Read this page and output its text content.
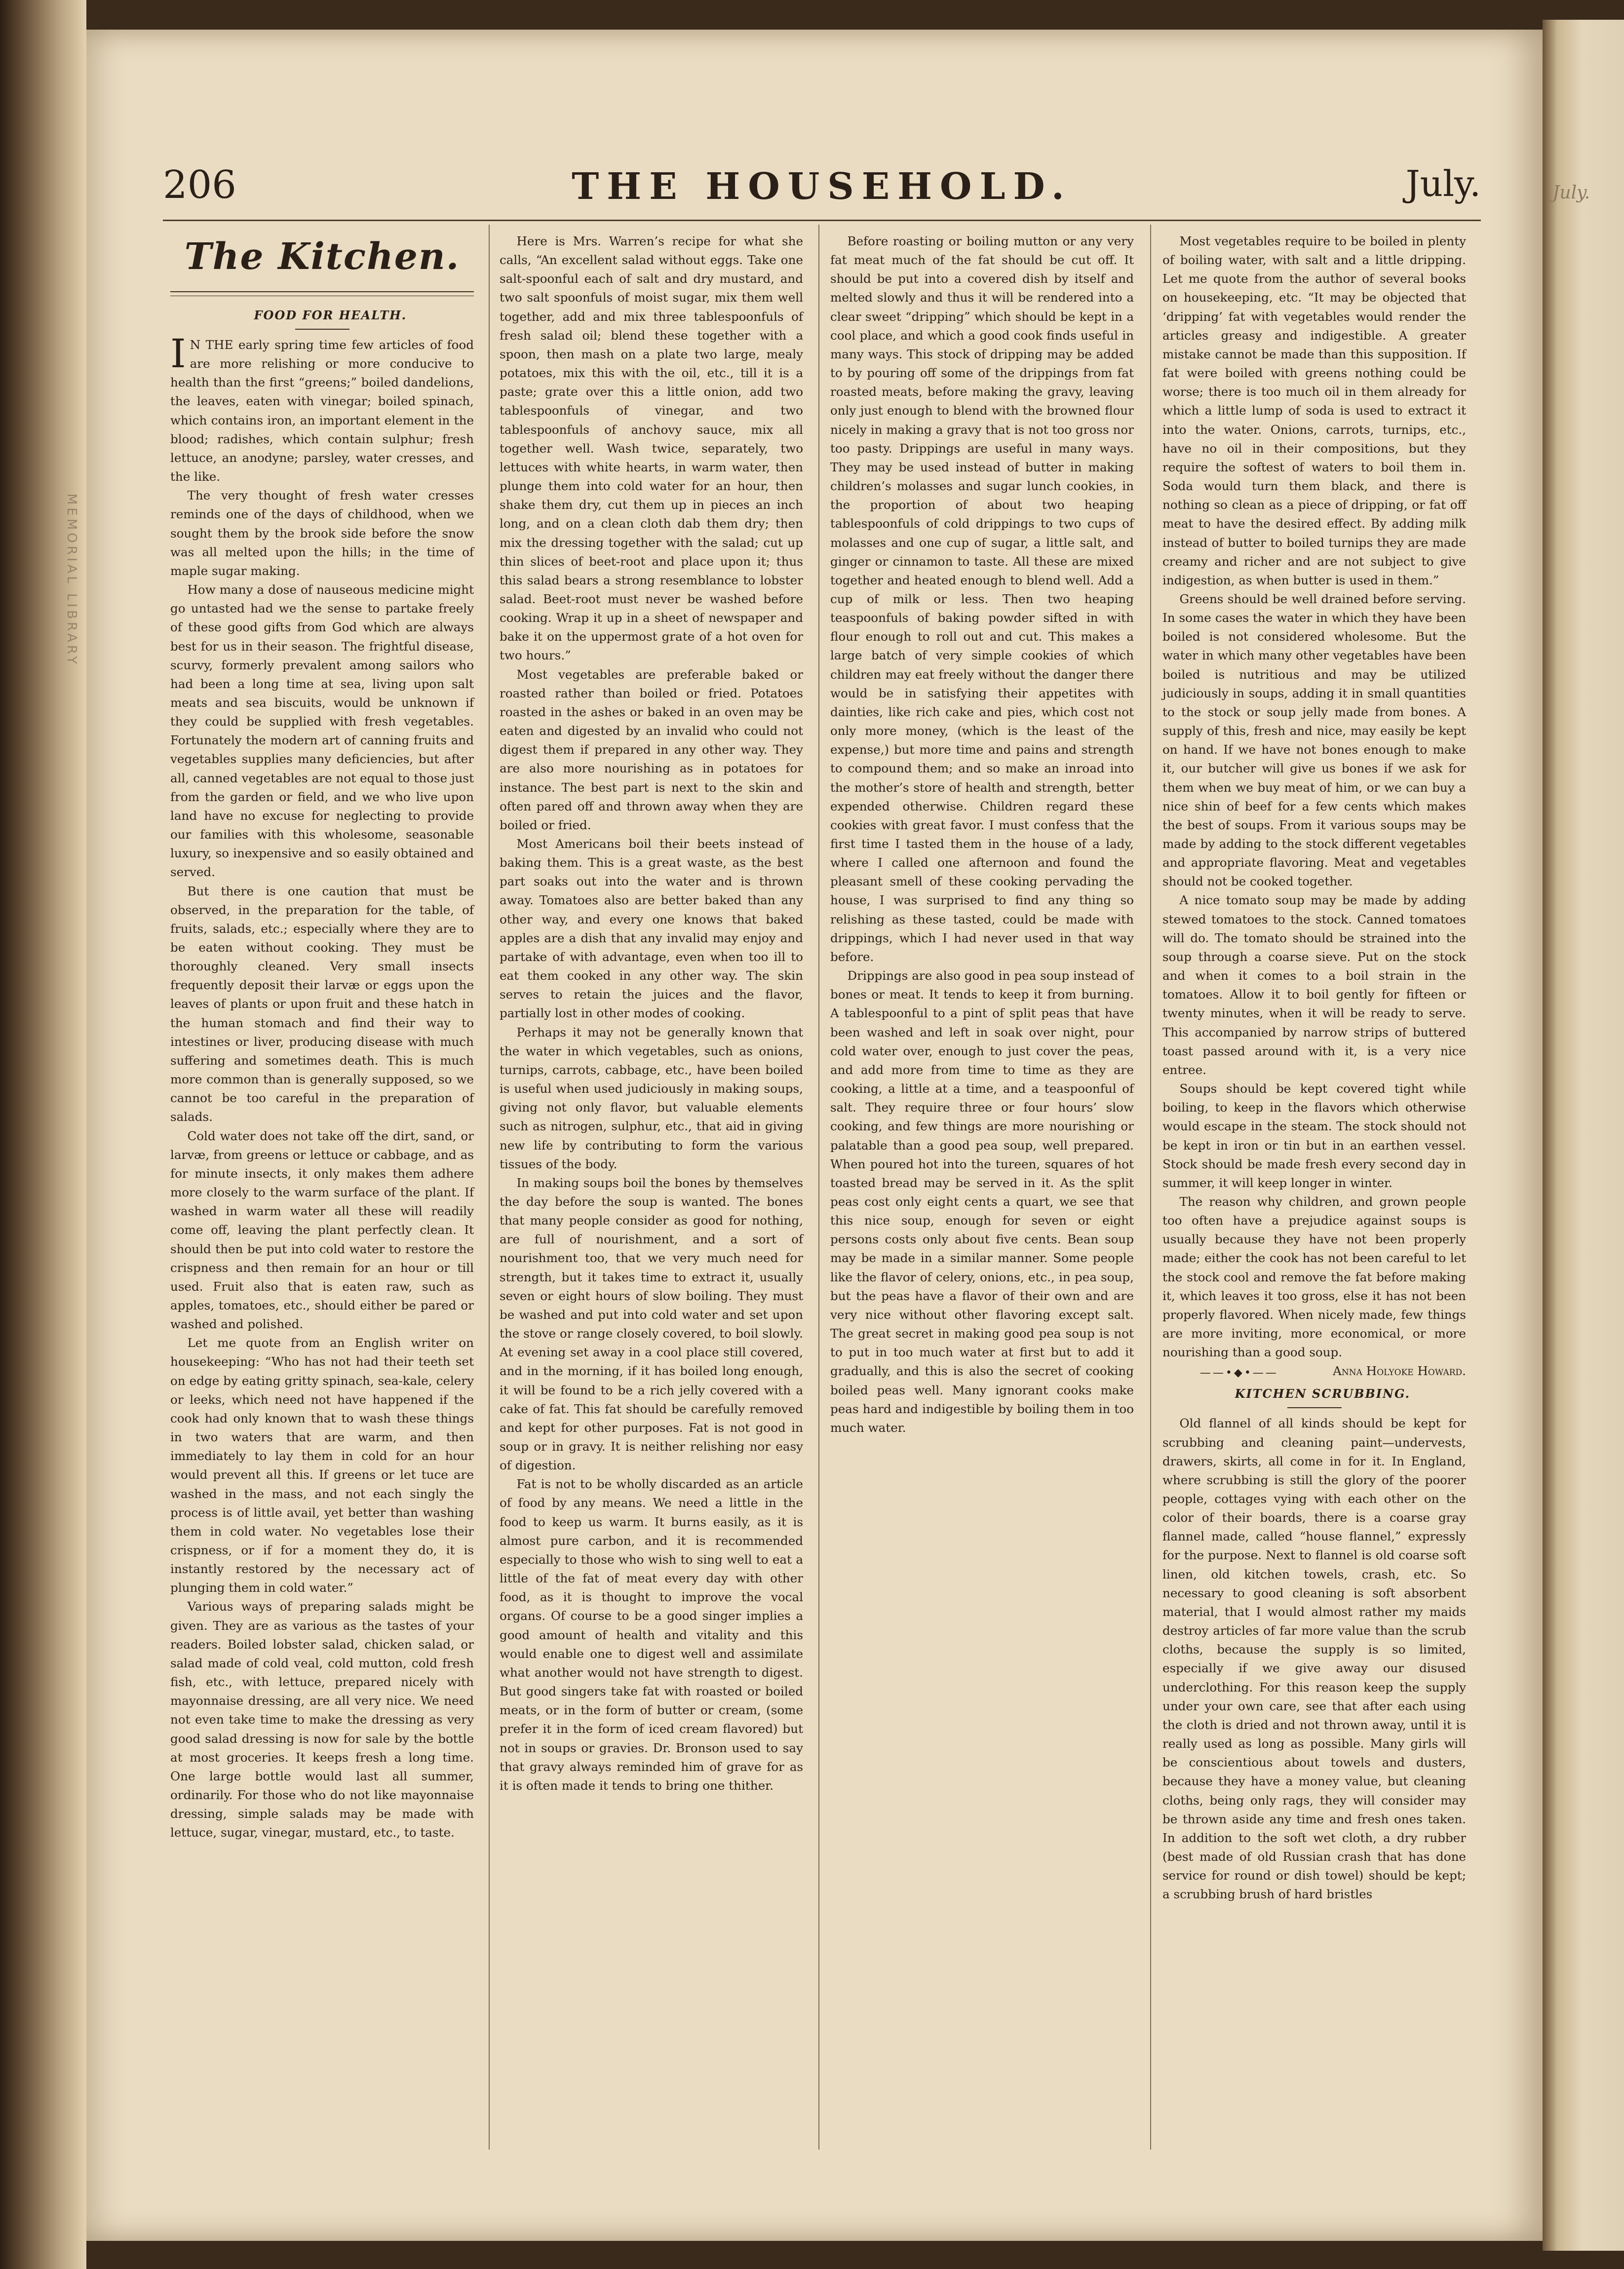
MEMORIAL LIBRARY
July.
206	THE HOUSEHOLD.	July.
The Kitchen.

FOOD FOR HEALTH.

I N THE early spring time few articles of food are more relishing or more conducive to health than the first “greens;” boiled dandelions, the leaves, eaten with vinegar; boiled spinach, which contains iron, an important element in the blood; radishes, which contain sulphur; fresh lettuce, an anodyne; parsley, water cresses, and the like.

The very thought of fresh water cresses reminds one of the days of childhood, when we sought them by the brook side before the snow was all melted upon the hills; in the time of maple sugar making.

How many a dose of nauseous medicine might go untasted had we the sense to partake freely of these good gifts from God which are always best for us in their season. The frightful disease, scurvy, formerly prevalent among sailors who had been a long time at sea, living upon salt meats and sea biscuits, would be unknown if they could be supplied with fresh vegetables. Fortunately the modern art of canning fruits and vegetables supplies many deficiencies, but after all, canned vegetables are not equal to those just from the garden or field, and we who live upon land have no excuse for neglecting to provide our families with this wholesome, seasonable luxury, so inexpensive and so easily obtained and served.

But there is one caution that must be observed, in the preparation for the table, of fruits, salads, etc.; especially where they are to be eaten without cooking. They must be thoroughly cleaned. Very small insects frequently deposit their larvæ or eggs upon the leaves of plants or upon fruit and these hatch in the human stomach and find their way to intestines or liver, producing disease with much suffering and sometimes death. This is much more common than is generally supposed, so we cannot be too careful in the preparation of salads.

Cold water does not take off the dirt, sand, or larvæ, from greens or lettuce or cabbage, and as for minute insects, it only makes them adhere more closely to the warm surface of the plant. If washed in warm water all these will readily come off, leaving the plant perfectly clean. It should then be put into cold water to restore the crispness and then remain for an hour or till used. Fruit also that is eaten raw, such as apples, tomatoes, etc., should either be pared or washed and polished.

Let me quote from an English writer on housekeeping: “Who has not had their teeth set on edge by eating gritty spinach, sea-kale, celery or leeks, which need not have happened if the cook had only known that to wash these things in two waters that are warm, and then immediately to lay them in cold for an hour would prevent all this. If greens or let tuce are washed in the mass, and not each singly the process is of little avail, yet better than washing them in cold water. No vegetables lose their crispness, or if for a moment they do, it is instantly restored by the necessary act of plunging them in cold water.”

Various ways of preparing salads might be given. They are as various as the tastes of your readers. Boiled lobster salad, chicken salad, or salad made of cold veal, cold mutton, cold fresh fish, etc., with lettuce, prepared nicely with mayonnaise dressing, are all very nice. We need not even take time to make the dressing as very good salad dressing is now for sale by the bottle at most groceries. It keeps fresh a long time. One large bottle would last all summer, ordinarily. For those who do not like mayonnaise dressing, simple salads may be made with lettuce, sugar, vinegar, mustard, etc., to taste.

Here is Mrs. Warren’s recipe for what she calls, “An excellent salad without eggs. Take one salt-spoonful each of salt and dry mustard, and two salt spoonfuls of moist sugar, mix them well together, add and mix three tablespoonfuls of fresh salad oil; blend these together with a spoon, then mash on a plate two large, mealy potatoes, mix this with the oil, etc., till it is a paste; grate over this a little onion, add two tablespoonfuls of vinegar, and two tablespoonfuls of anchovy sauce, mix all together well. Wash twice, separately, two lettuces with white hearts, in warm water, then plunge them into cold water for an hour, then shake them dry, cut them up in pieces an inch long, and on a clean cloth dab them dry; then mix the dressing together with the salad; cut up thin slices of beet-root and place upon it; thus this salad bears a strong resemblance to lobster salad. Beet-root must never be washed before cooking. Wrap it up in a sheet of newspaper and bake it on the uppermost grate of a hot oven for two hours.”

Most vegetables are preferable baked or roasted rather than boiled or fried. Potatoes roasted in the ashes or baked in an oven may be eaten and digested by an invalid who could not digest them if prepared in any other way. They are also more nourishing as in potatoes for instance. The best part is next to the skin and often pared off and thrown away when they are boiled or fried.

Most Americans boil their beets instead of baking them. This is a great waste, as the best part soaks out into the water and is thrown away. Tomatoes also are better baked than any other way, and every one knows that baked apples are a dish that any invalid may enjoy and partake of with advantage, even when too ill to eat them cooked in any other way. The skin serves to retain the juices and the flavor, partially lost in other modes of cooking.

Perhaps it may not be generally known that the water in which vegetables, such as onions, turnips, carrots, cabbage, etc., have been boiled is useful when used judiciously in making soups, giving not only flavor, but valuable elements such as nitrogen, sulphur, etc., that aid in giving new life by contributing to form the various tissues of the body.

In making soups boil the bones by themselves the day before the soup is wanted. The bones that many people consider as good for nothing, are full of nourishment, and a sort of nourishment too, that we very much need for strength, but it takes time to extract it, usually seven or eight hours of slow boiling. They must be washed and put into cold water and set upon the stove or range closely covered, to boil slowly. At evening set away in a cool place still covered, and in the morning, if it has boiled long enough, it will be found to be a rich jelly covered with a cake of fat. This fat should be carefully removed and kept for other purposes. Fat is not good in soup or in gravy. It is neither relishing nor easy of digestion.

Fat is not to be wholly discarded as an article of food by any means. We need a little in the food to keep us warm. It burns easily, as it is almost pure carbon, and it is recommended especially to those who wish to sing well to eat a little of the fat of meat every day with other food, as it is thought to improve the vocal organs. Of course to be a good singer implies a good amount of health and vitality and this would enable one to digest well and assimilate what another would not have strength to digest. But good singers take fat with roasted or boiled meats, or in the form of butter or cream, (some prefer it in the form of iced cream flavored) but not in soups or gravies. Dr. Bronson used to say that gravy always reminded him of grave for as it is often made it tends to bring one thither.

Before roasting or boiling mutton or any very fat meat much of the fat should be cut off. It should be put into a covered dish by itself and melted slowly and thus it will be rendered into a clear sweet “dripping” which should be kept in a cool place, and which a good cook finds useful in many ways. This stock of dripping may be added to by pouring off some of the drippings from fat roasted meats, before making the gravy, leaving only just enough to blend with the browned flour nicely in making a gravy that is not too gross nor too pasty. Drippings are useful in many ways. They may be used instead of butter in making children’s molasses and sugar lunch cookies, in the proportion of about two heaping tablespoonfuls of cold drippings to two cups of molasses and one cup of sugar, a little salt, and ginger or cinnamon to taste. All these are mixed together and heated enough to blend well. Add a cup of milk or less. Then two heaping teaspoonfuls of baking powder sifted in with flour enough to roll out and cut. This makes a large batch of very simple cookies of which children may eat freely without the danger there would be in satisfying their appetites with dainties, like rich cake and pies, which cost not only more money, (which is the least of the expense,) but more time and pains and strength to compound them; and so make an inroad into the mother’s store of health and strength, better expended otherwise. Children regard these cookies with great favor. I must confess that the first time I tasted them in the house of a lady, where I called one afternoon and found the pleasant smell of these cooking pervading the house, I was surprised to find any thing so relishing as these tasted, could be made with drippings, which I had never used in that way before.

Drippings are also good in pea soup instead of bones or meat. It tends to keep it from burning. A tablespoonful to a pint of split peas that have been washed and left in soak over night, pour cold water over, enough to just cover the peas, and add more from time to time as they are cooking, a little at a time, and a teaspoonful of salt. They require three or four hours’ slow cooking, and few things are more nourishing or palatable than a good pea soup, well prepared. When poured hot into the tureen, squares of hot toasted bread may be served in it. As the split peas cost only eight cents a quart, we see that this nice soup, enough for seven or eight persons costs only about five cents. Bean soup may be made in a similar manner. Some people like the flavor of celery, onions, etc., in pea soup, but the peas have a flavor of their own and are very nice without other flavoring except salt. The great secret in making good pea soup is not to put in too much water at first but to add it gradually, and this is also the secret of cooking boiled peas well. Many ignorant cooks make peas hard and indigestible by boiling them in too much water.

Most vegetables require to be boiled in plenty of boiling water, with salt and a little dripping. Let me quote from the author of several books on housekeeping, etc. “It may be objected that ‘dripping’ fat with vegetables would render the articles greasy and indigestible. A greater mistake cannot be made than this supposition. If fat were boiled with greens nothing could be worse; there is too much oil in them already for which a little lump of soda is used to extract it into the water. Onions, carrots, turnips, etc., have no oil in their compositions, but they require the softest of waters to boil them in. Soda would turn them black, and there is nothing so clean as a piece of dripping, or fat off meat to have the desired effect. By adding milk instead of butter to boiled turnips they are made creamy and richer and are not subject to give indigestion, as when butter is used in them.”

Greens should be well drained before serving. In some cases the water in which they have been boiled is not considered wholesome. But the water in which many other vegetables have been boiled is nutritious and may be utilized judiciously in soups, adding it in small quantities to the stock or soup jelly made from bones. A supply of this, fresh and nice, may easily be kept on hand. If we have not bones enough to make it, our butcher will give us bones if we ask for them when we buy meat of him, or we can buy a nice shin of beef for a few cents which makes the best of soups. From it various soups may be made by adding to the stock different vegetables and appropriate flavoring. Meat and vegetables should not be cooked together.

A nice tomato soup may be made by adding stewed tomatoes to the stock. Canned tomatoes will do. The tomato should be strained into the soup through a coarse sieve. Put on the stock and when it comes to a boil strain in the tomatoes. Allow it to boil gently for fifteen or twenty minutes, when it will be ready to serve. This accompanied by narrow strips of buttered toast passed around with it, is a very nice entree.

Soups should be kept covered tight while boiling, to keep in the flavors which otherwise would escape in the steam. The stock should not be kept in iron or tin but in an earthen vessel. Stock should be made fresh every second day in summer, it will keep longer in winter.

The reason why children, and grown people too often have a prejudice against soups is usually because they have not been properly made; either the cook has not been careful to let the stock cool and remove the fat before making it, which leaves it too gross, else it has not been properly flavored. When nicely made, few things are more inviting, more economical, or more nourishing than a good soup.
Anna Holyoke Howard.

——•◆•——

KITCHEN SCRUBBING.

Old flannel of all kinds should be kept for scrubbing and cleaning paint—undervests, drawers, skirts, all come in for it. In England, where scrubbing is still the glory of the poorer people, cottages vying with each other on the color of their boards, there is a coarse gray flannel made, called “house flannel,” expressly for the purpose. Next to flannel is old coarse soft linen, old kitchen towels, crash, etc. So necessary to good cleaning is soft absorbent material, that I would almost rather my maids destroy articles of far more value than the scrub cloths, because the supply is so limited, especially if we give away our disused underclothing. For this reason keep the supply under your own care, see that after each using the cloth is dried and not thrown away, until it is really used as long as possible. Many girls will be conscientious about towels and dusters, because they have a money value, but cleaning cloths, being only rags, they will consider may be thrown aside any time and fresh ones taken. In addition to the soft wet cloth, a dry rubber (best made of old Russian crash that has done service for round or dish towel) should be kept; a scrubbing brush of hard bristles
